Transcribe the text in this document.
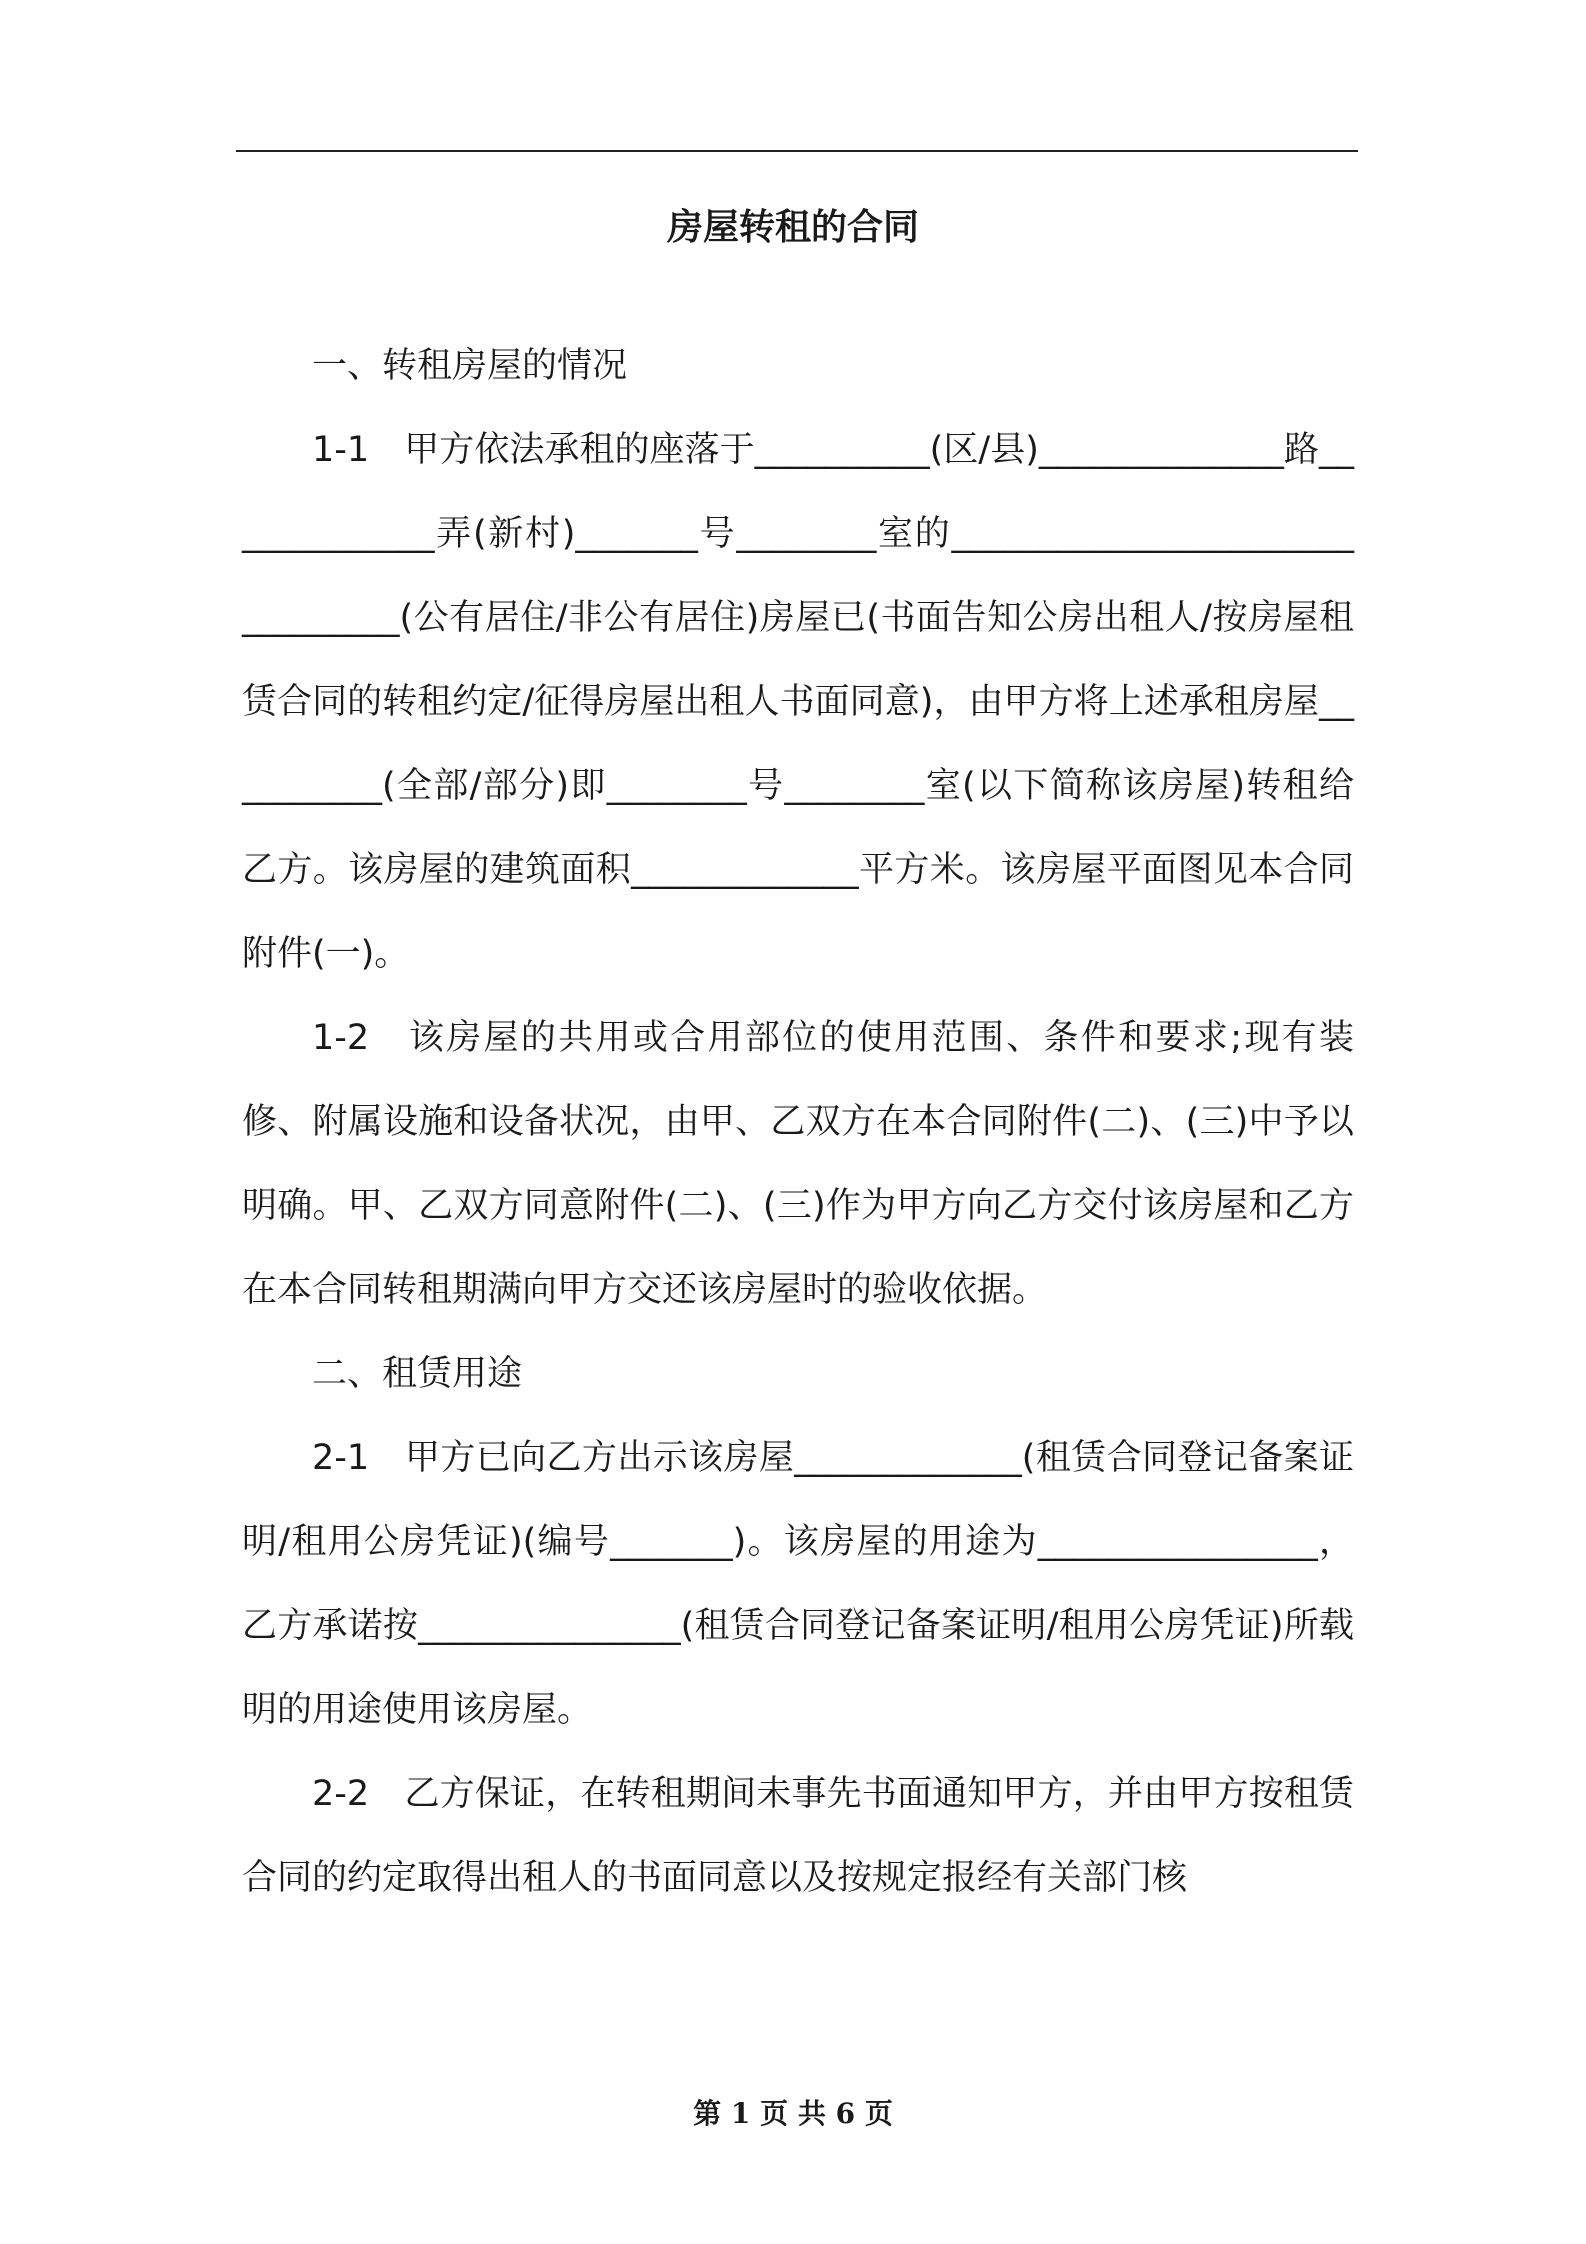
房屋转租的合同

一、转租房屋的情况

1-1　甲方依法承租的座落于__________(区/县)______________路_____________弄(新村)_______号________室的________________________________(公有居住/非公有居住)房屋已(书面告知公房出租人/按房屋租赁合同的转租约定/征得房屋出租人书面同意)，由甲方将上述承租房屋__________(全部/部分)即________号________室(以下简称该房屋)转租给乙方。该房屋的建筑面积_____________平方米。该房屋平面图见本合同附件(一)。

1-2　该房屋的共用或合用部位的使用范围、条件和要求;现有装修、附属设施和设备状况，由甲、乙双方在本合同附件(二)、(三)中予以明确。甲、乙双方同意附件(二)、(三)作为甲方向乙方交付该房屋和乙方在本合同转租期满向甲方交还该房屋时的验收依据。

二、租赁用途

2-1　甲方已向乙方出示该房屋_____________(租赁合同登记备案证明/租用公房凭证)(编号_______)。该房屋的用途为________________，乙方承诺按_______________(租赁合同登记备案证明/租用公房凭证)所载明的用途使用该房屋。

2-2　乙方保证，在转租期间未事先书面通知甲方，并由甲方按租赁合同的约定取得出租人的书面同意以及按规定报经有关部门核

第 1 页 共 6 页
